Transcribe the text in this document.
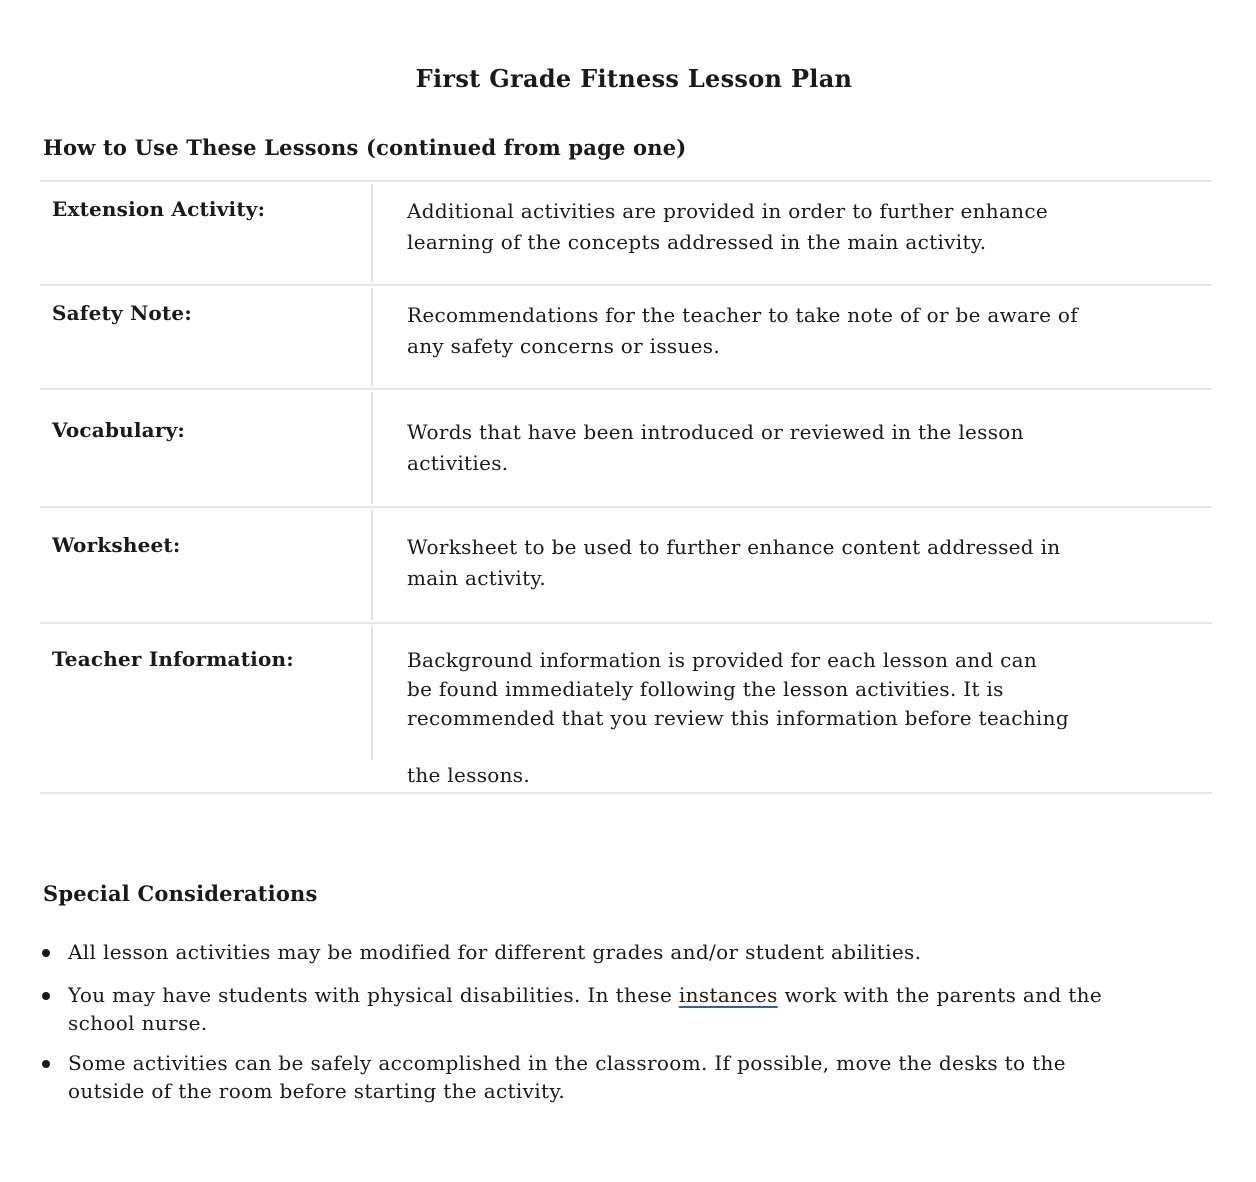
First Grade Fitness Lesson Plan
How to Use These Lessons (continued from page one)
Extension Activity:	Additional activities are provided in order to further enhance
learning of the concepts addressed in the main activity.
Safety Note:	Recommendations for the teacher to take note of or be aware of
any safety concerns or issues.
Vocabulary:	Words that have been introduced or reviewed in the lesson
activities.
Worksheet:	Worksheet to be used to further enhance content addressed in
main activity.
Teacher Information:	Background information is provided for each lesson and can
be found immediately following the lesson activities. It is
recommended that you review this information before teaching
the lessons.
Special Considerations
All lesson activities may be modified for different grades and/or student abilities.
You may have students with physical disabilities. In these instances work with the parents and the
school nurse.
Some activities can be safely accomplished in the classroom. If possible, move the desks to the
outside of the room before starting the activity.
